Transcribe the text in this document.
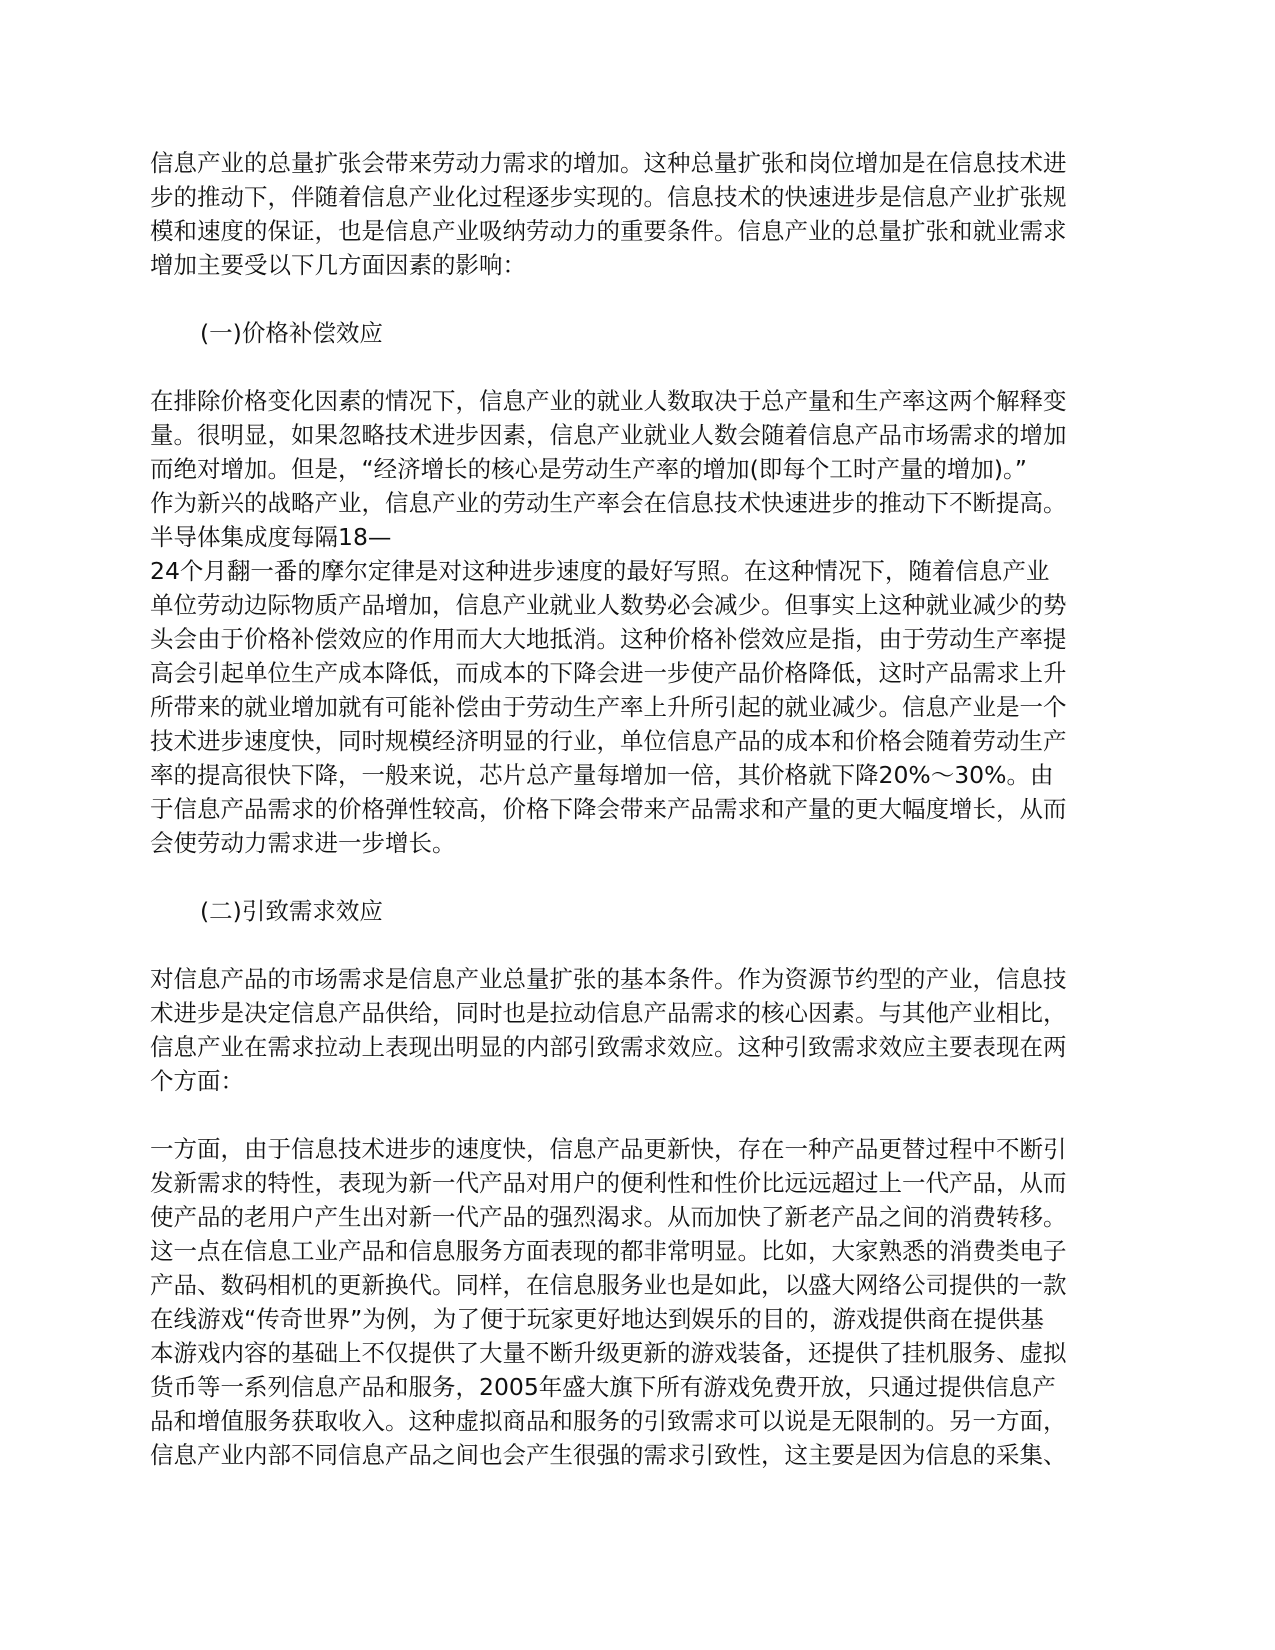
信息产业的总量扩张会带来劳动力需求的增加。这种总量扩张和岗位增加是在信息技术进
步的推动下，伴随着信息产业化过程逐步实现的。信息技术的快速进步是信息产业扩张规
模和速度的保证，也是信息产业吸纳劳动力的重要条件。信息产业的总量扩张和就业需求
增加主要受以下几方面因素的影响：
(一)价格补偿效应
在排除价格变化因素的情况下，信息产业的就业人数取决于总产量和生产率这两个解释变
量。很明显，如果忽略技术进步因素，信息产业就业人数会随着信息产品市场需求的增加
而绝对增加。但是，“经济增长的核心是劳动生产率的增加(即每个工时产量的增加)。”
作为新兴的战略产业，信息产业的劳动生产率会在信息技术快速进步的推动下不断提高。
半导体集成度每隔18—
24个月翻一番的摩尔定律是对这种进步速度的最好写照。在这种情况下，随着信息产业
单位劳动边际物质产品增加，信息产业就业人数势必会减少。但事实上这种就业减少的势
头会由于价格补偿效应的作用而大大地抵消。这种价格补偿效应是指，由于劳动生产率提
高会引起单位生产成本降低，而成本的下降会进一步使产品价格降低，这时产品需求上升
所带来的就业增加就有可能补偿由于劳动生产率上升所引起的就业减少。信息产业是一个
技术进步速度快，同时规模经济明显的行业，单位信息产品的成本和价格会随着劳动生产
率的提高很快下降，一般来说，芯片总产量每增加一倍，其价格就下降20%～30%。由
于信息产品需求的价格弹性较高，价格下降会带来产品需求和产量的更大幅度增长，从而
会使劳动力需求进一步增长。
(二)引致需求效应
对信息产品的市场需求是信息产业总量扩张的基本条件。作为资源节约型的产业，信息技
术进步是决定信息产品供给，同时也是拉动信息产品需求的核心因素。与其他产业相比，
信息产业在需求拉动上表现出明显的内部引致需求效应。这种引致需求效应主要表现在两
个方面：
一方面，由于信息技术进步的速度快，信息产品更新快，存在一种产品更替过程中不断引
发新需求的特性，表现为新一代产品对用户的便利性和性价比远远超过上一代产品，从而
使产品的老用户产生出对新一代产品的强烈渴求。从而加快了新老产品之间的消费转移。
这一点在信息工业产品和信息服务方面表现的都非常明显。比如，大家熟悉的消费类电子
产品、数码相机的更新换代。同样，在信息服务业也是如此，以盛大网络公司提供的一款
在线游戏“传奇世界”为例，为了便于玩家更好地达到娱乐的目的，游戏提供商在提供基
本游戏内容的基础上不仅提供了大量不断升级更新的游戏装备，还提供了挂机服务、虚拟
货币等一系列信息产品和服务，2005年盛大旗下所有游戏免费开放，只通过提供信息产
品和增值服务获取收入。这种虚拟商品和服务的引致需求可以说是无限制的。另一方面，
信息产业内部不同信息产品之间也会产生很强的需求引致性，这主要是因为信息的采集、
